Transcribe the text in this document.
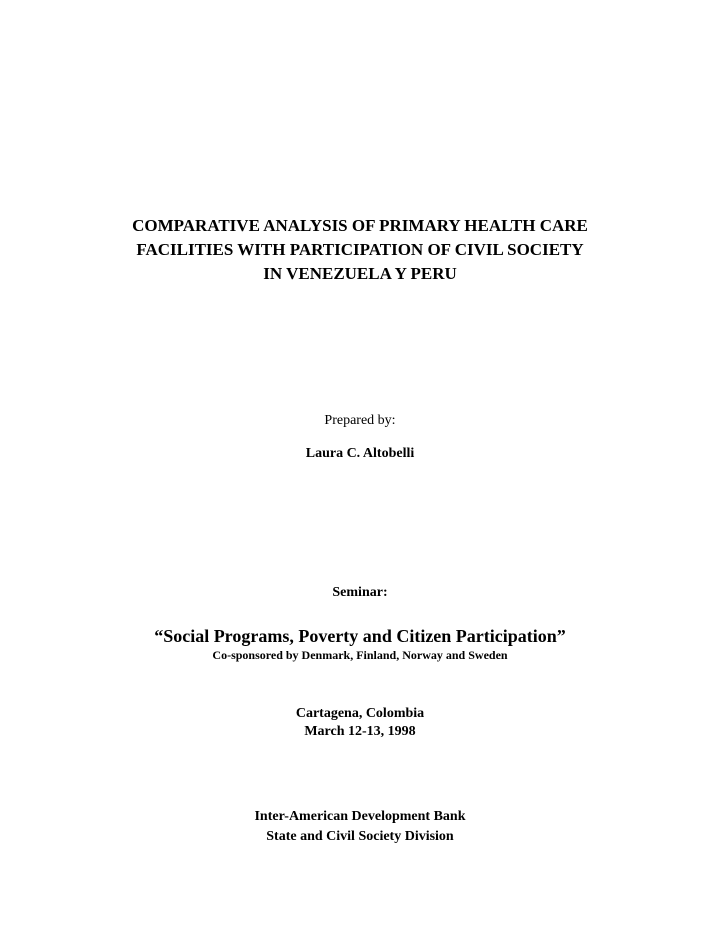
COMPARATIVE ANALYSIS OF PRIMARY HEALTH CARE
FACILITIES WITH PARTICIPATION OF CIVIL SOCIETY
IN VENEZUELA Y PERU
Prepared by:
Laura C. Altobelli
Seminar:
“Social Programs, Poverty and Citizen Participation”
Co-sponsored by Denmark, Finland, Norway and Sweden
Cartagena, Colombia
March 12-13, 1998
Inter-American Development Bank
State and Civil Society Division
